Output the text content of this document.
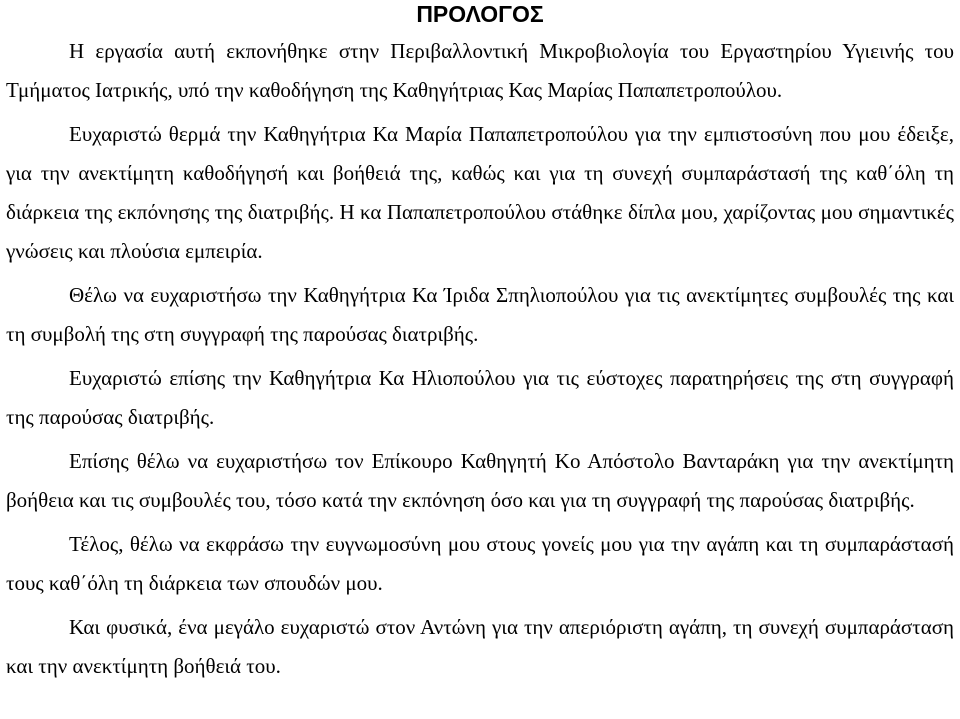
ΠΡΟΛΟΓΟΣ

Η εργασία αυτή εκπονήθηκε στην Περιβαλλοντική Μικροβιολογία του Εργαστηρίου Υγιεινής του Τμήματος Ιατρικής, υπό την καθοδήγηση της Καθηγήτριας Κας Μαρίας Παπαπετροπούλου.

Ευχαριστώ θερμά την Καθηγήτρια Κα Μαρία Παπαπετροπούλου για την εμπιστοσύνη που μου έδειξε, για την ανεκτίμητη καθοδήγησή και βοήθειά της, καθώς και για τη συνεχή συμπαράστασή της καθ΄όλη τη διάρκεια της εκπόνησης της διατριβής. Η κα Παπαπετροπούλου στάθηκε δίπλα μου, χαρίζοντας μου σημαντικές γνώσεις και πλούσια εμπειρία.

Θέλω να ευχαριστήσω την Καθηγήτρια Κα Ίριδα Σπηλιοπούλου για τις ανεκτίμητες συμβουλές της και τη συμβολή της στη συγγραφή της παρούσας διατριβής.

Ευχαριστώ επίσης την Καθηγήτρια Κα Ηλιοπούλου για τις εύστοχες παρατηρήσεις της στη συγγραφή της παρούσας διατριβής.

Επίσης θέλω να ευχαριστήσω τον Επίκουρο Καθηγητή Κο Απόστολο Βανταράκη για την ανεκτίμητη βοήθεια και τις συμβουλές του, τόσο κατά την εκπόνηση όσο και για τη συγγραφή της παρούσας διατριβής.

Τέλος, θέλω να εκφράσω την ευγνωμοσύνη μου στους γονείς μου για την αγάπη και τη συμπαράστασή τους καθ΄όλη τη διάρκεια των σπουδών μου.

Και φυσικά, ένα μεγάλο ευχαριστώ στον Αντώνη για την απεριόριστη αγάπη, τη συνεχή συμπαράσταση και την ανεκτίμητη βοήθειά του.
